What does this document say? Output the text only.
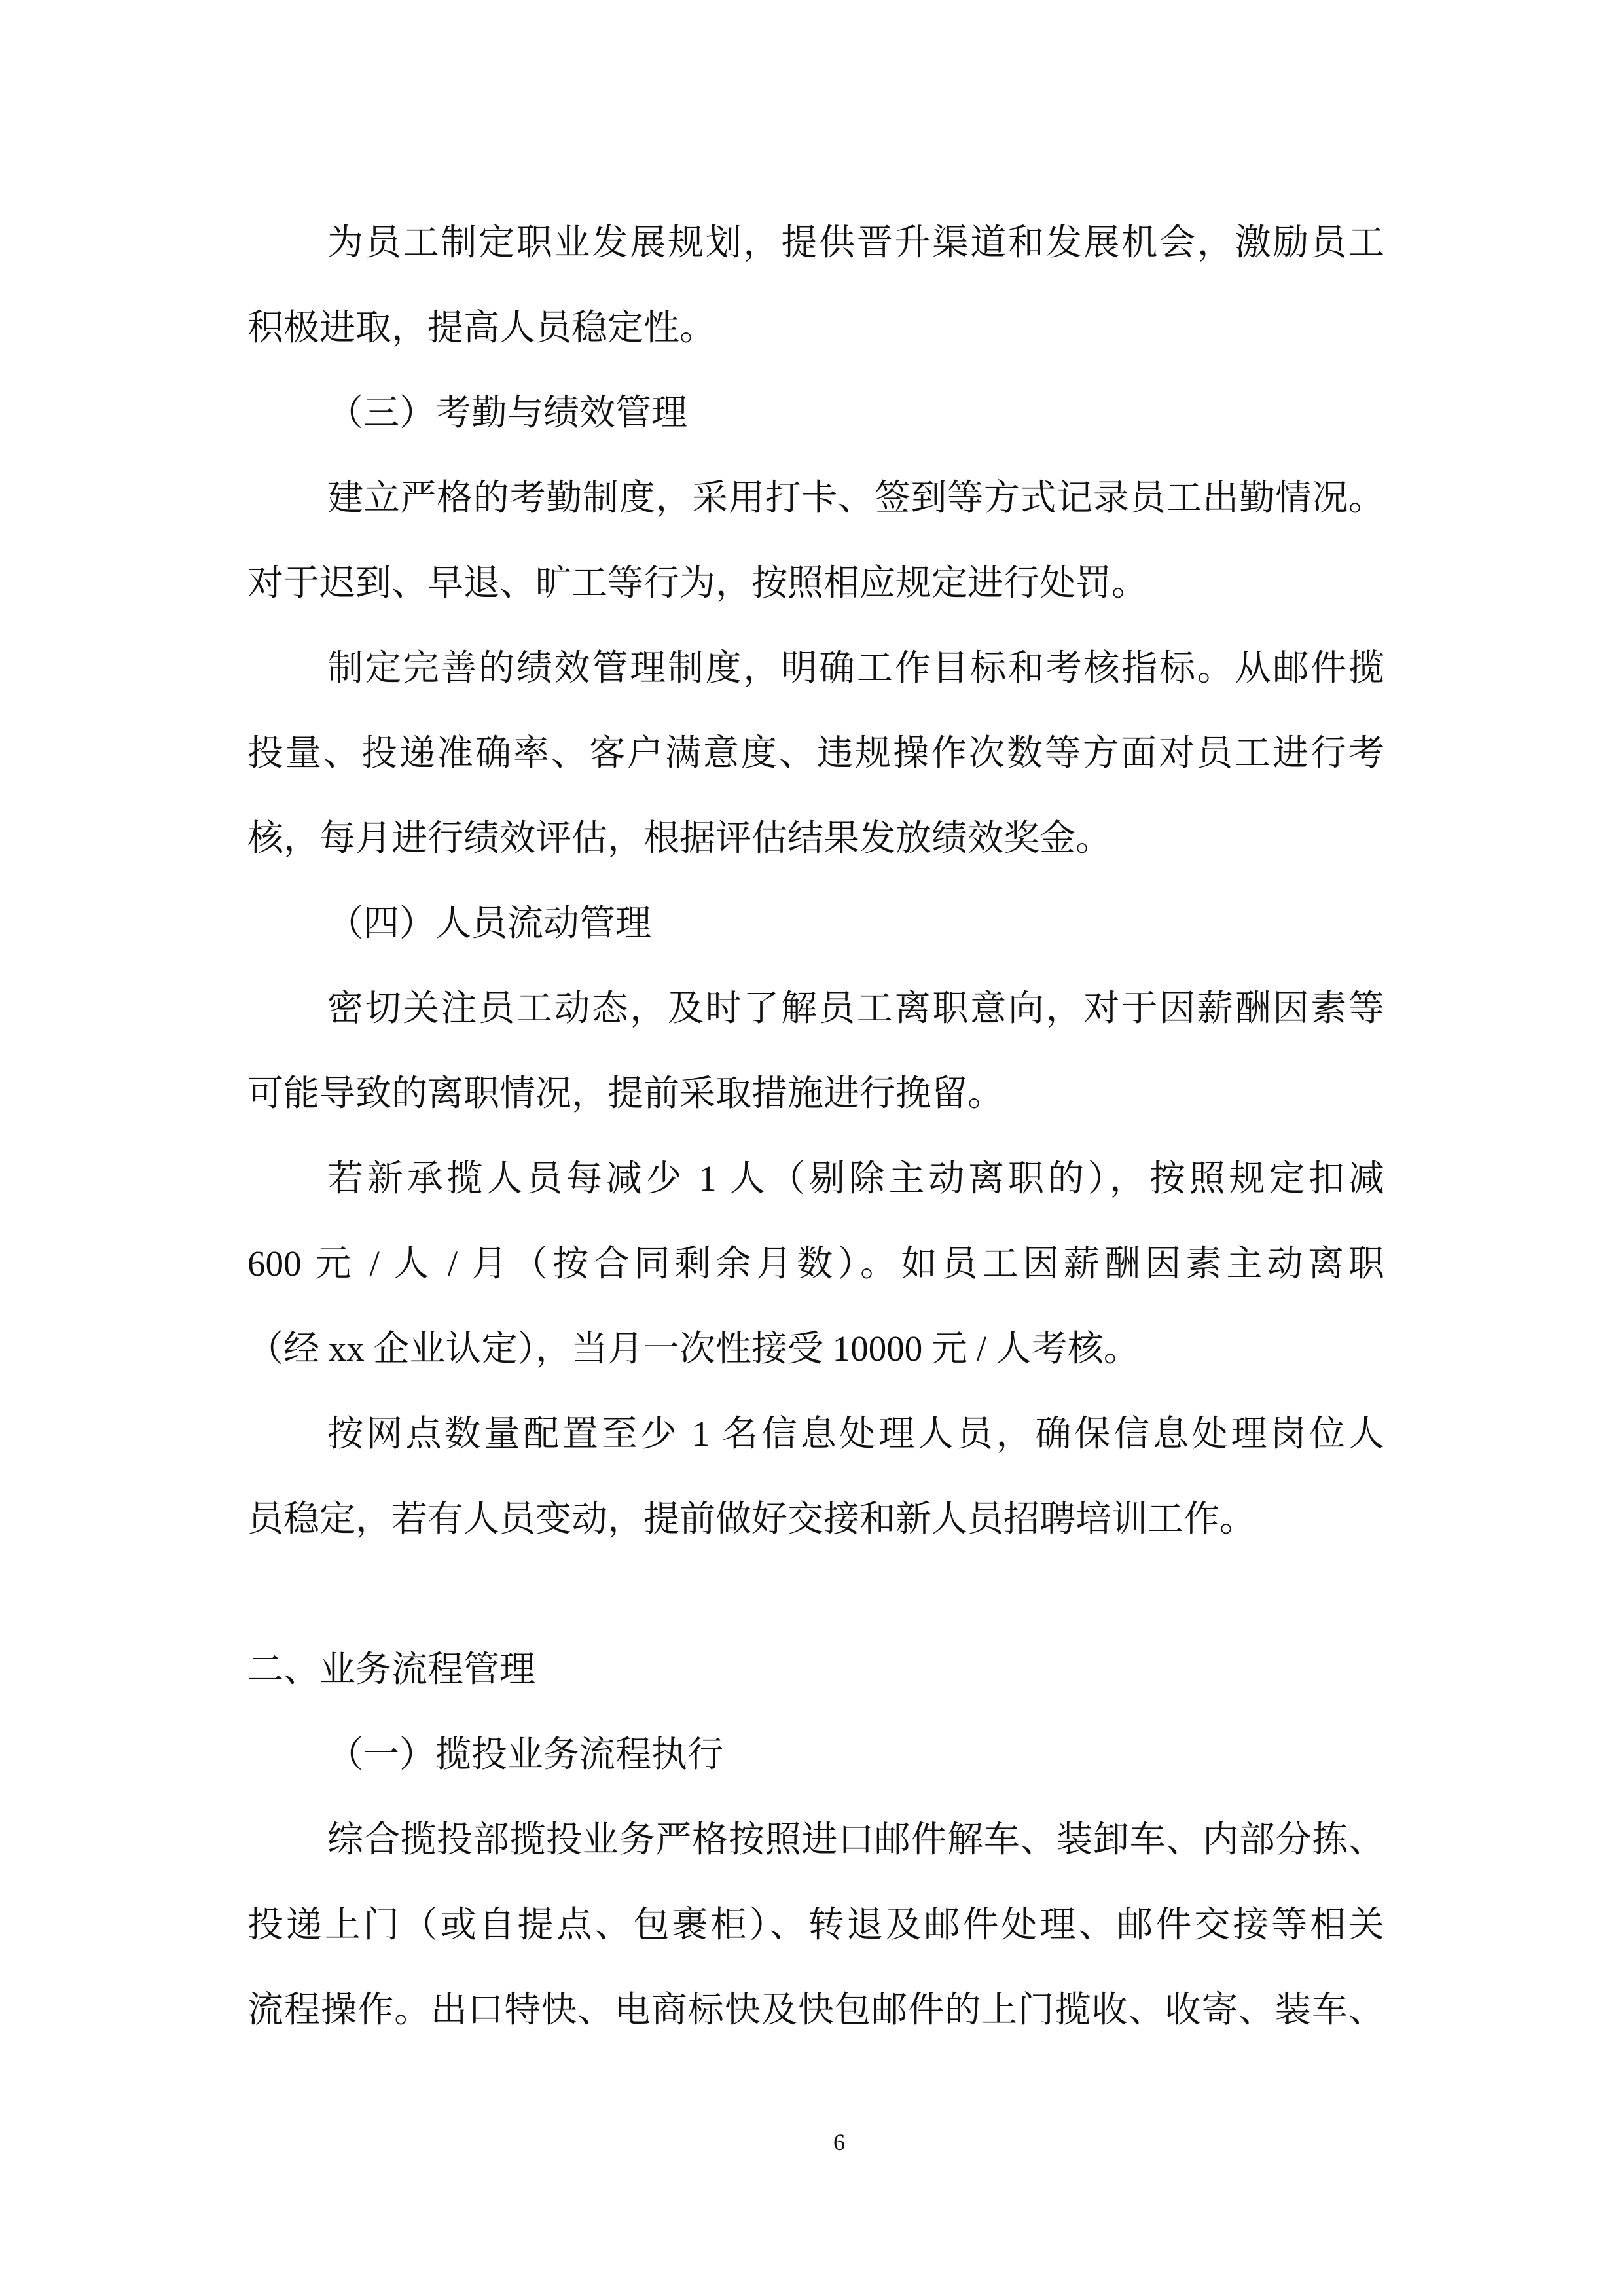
为员工制定职业发展规划，提供晋升渠道和发展机会，激励员工
积极进取，提高人员稳定性。
（三）考勤与绩效管理
建立严格的考勤制度，采用打卡、签到等方式记录员工出勤情况。
对于迟到、早退、旷工等行为，按照相应规定进行处罚。
制定完善的绩效管理制度，明确工作目标和考核指标。从邮件揽
投量、投递准确率、客户满意度、违规操作次数等方面对员工进行考
核，每月进行绩效评估，根据评估结果发放绩效奖金。
（四）人员流动管理
密切关注员工动态，及时了解员工离职意向，对于因薪酬因素等
可能导致的离职情况，提前采取措施进行挽留。
若新承揽人员每减少 1 人（剔除主动离职的），按照规定扣减
600 元 / 人 / 月（按合同剩余月数）。如员工因薪酬因素主动离职
（经 xx 企业认定），当月一次性接受 10000 元 / 人考核。
按网点数量配置至少 1 名信息处理人员，确保信息处理岗位人
员稳定，若有人员变动，提前做好交接和新人员招聘培训工作。
二、业务流程管理
（一）揽投业务流程执行
综合揽投部揽投业务严格按照进口邮件解车、装卸车、内部分拣、
投递上门（或自提点、包裹柜）、转退及邮件处理、邮件交接等相关
流程操作。出口特快、电商标快及快包邮件的上门揽收、收寄、装车、
6
